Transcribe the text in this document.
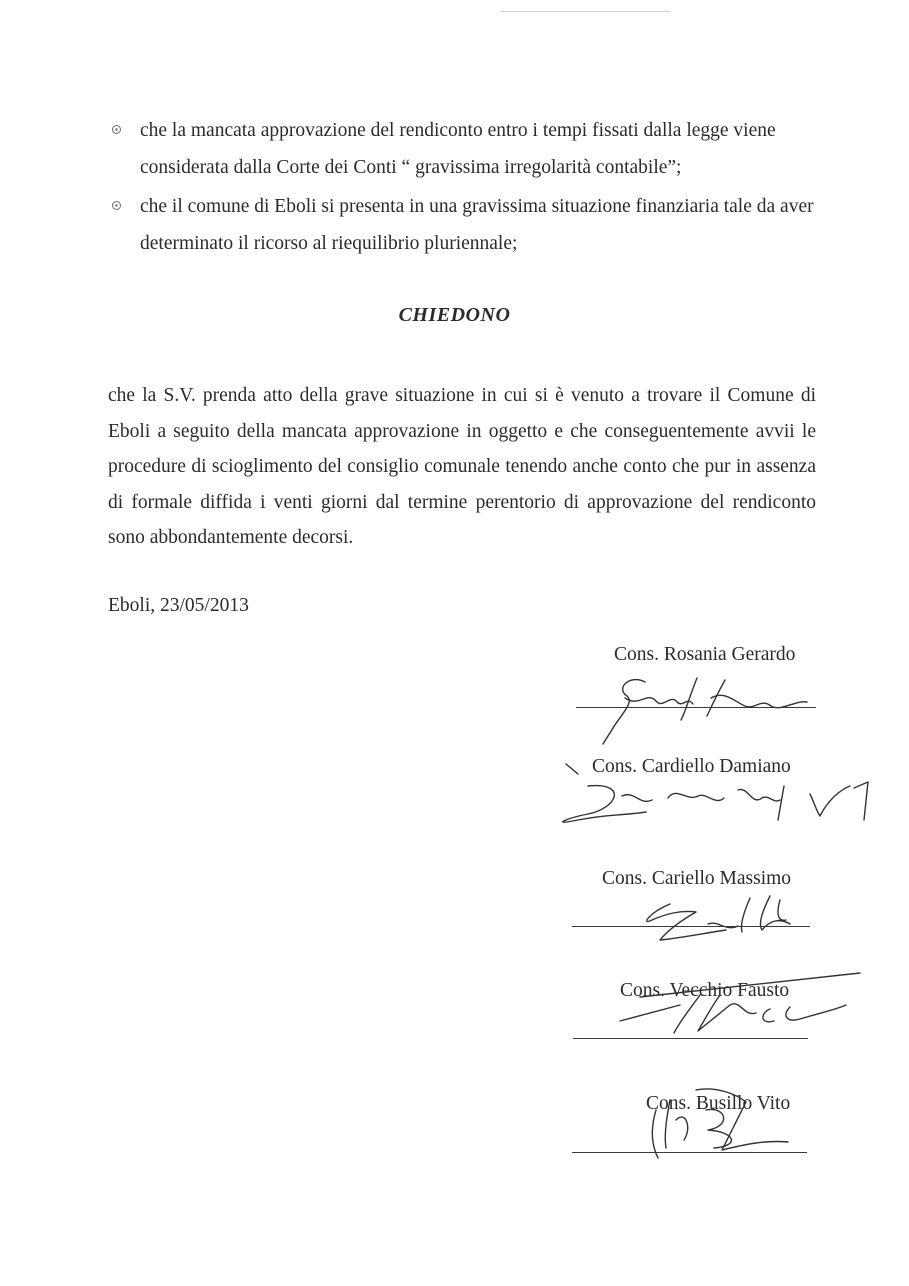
che la mancata approvazione del rendiconto entro i tempi fissati dalla legge viene considerata dalla Corte dei Conti “ gravissima irregolarità contabile”;
che il comune di Eboli si presenta in una gravissima situazione finanziaria tale da aver determinato il ricorso al riequilibrio pluriennale;
CHIEDONO
che la S.V. prenda atto della grave situazione in cui si è venuto a trovare il Comune di Eboli a seguito della mancata approvazione in oggetto e che conseguentemente avvii le procedure di scioglimento del consiglio comunale tenendo anche conto che pur in assenza di formale diffida i venti giorni dal termine perentorio di approvazione del rendiconto sono abbondantemente decorsi.
Eboli, 23/05/2013
Cons. Rosania Gerardo
Cons. Cardiello Damiano
Cons. Cariello Massimo
Cons. Vecchio Fausto
Cons. Busillo Vito
